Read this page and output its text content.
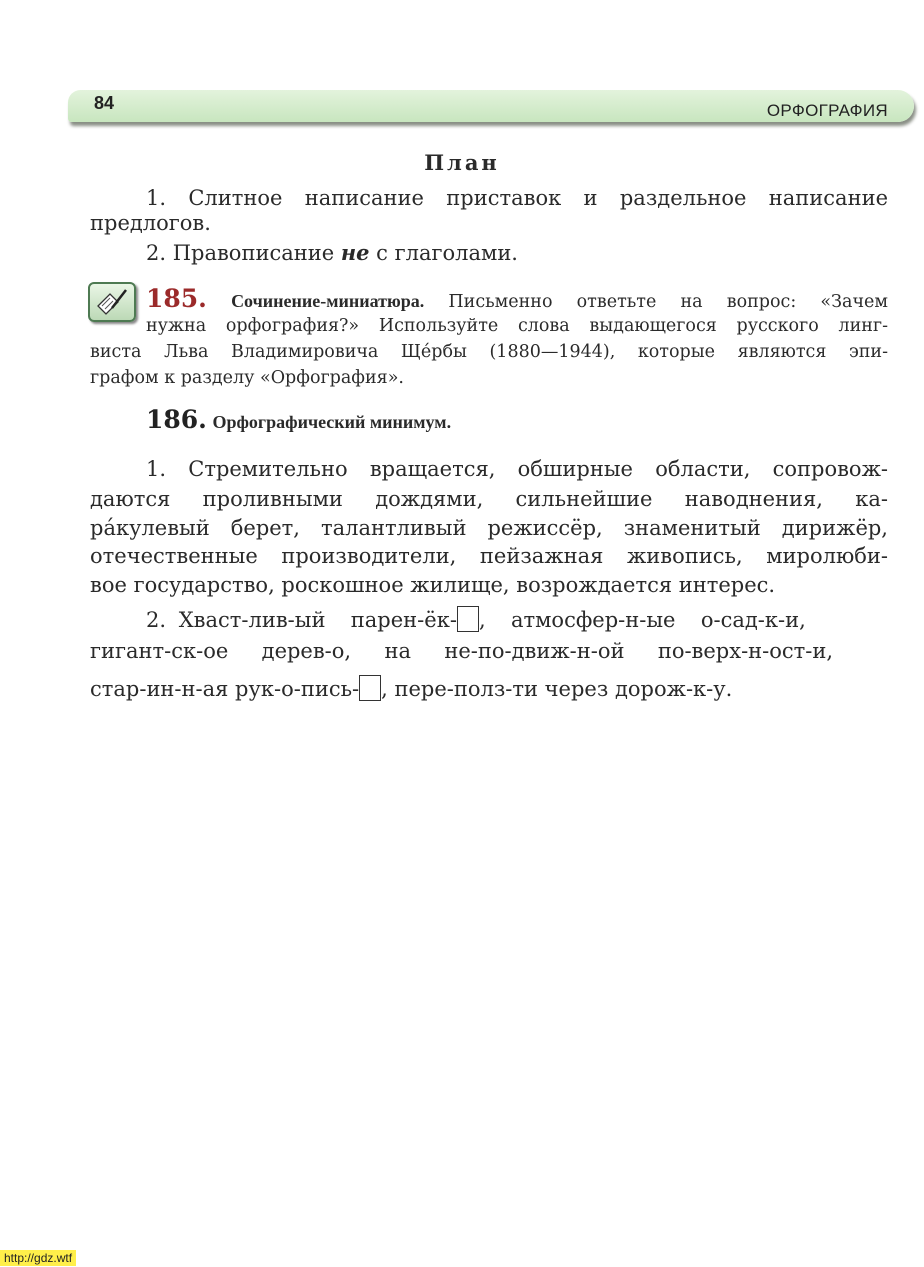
84	ОРФОГРАФИЯ
План
1. Слитное написание приставок и раздельное написание
предлогов.
2. Правописание не с глаголами.
185. Сочинение-миниатюра. Письменно ответьте на вопрос: «Зачем
нужна орфография?» Используйте слова выдающегося русского линг-
виста Льва Владимировича Щéрбы (1880—1944), которые являются эпи-
графом к разделу «Орфография».
186. Орфографический минимум.
1. Стремительно вращается, обширные области, сопровож-
даются проливными дождями, сильнейшие наводнения, ка-
ра́кулевый берет, талантливый режиссёр, знаменитый дирижёр,
отечественные производители, пейзажная живопись, миролюби-
вое государство, роскошное жилище, возрождается интерес.
2. Хваст-лив-ый  парен-ёк- ,  атмосфер-н-ые  о-сад-к-и,
гигант-ск-ое  дерев-о,  на  не-по-движ-н-ой  по-верх-н-ост-и,
стар-ин-н-ая рук-о-пись- , пере-полз-ти через дорож-к-у.
http://gdz.wtf
